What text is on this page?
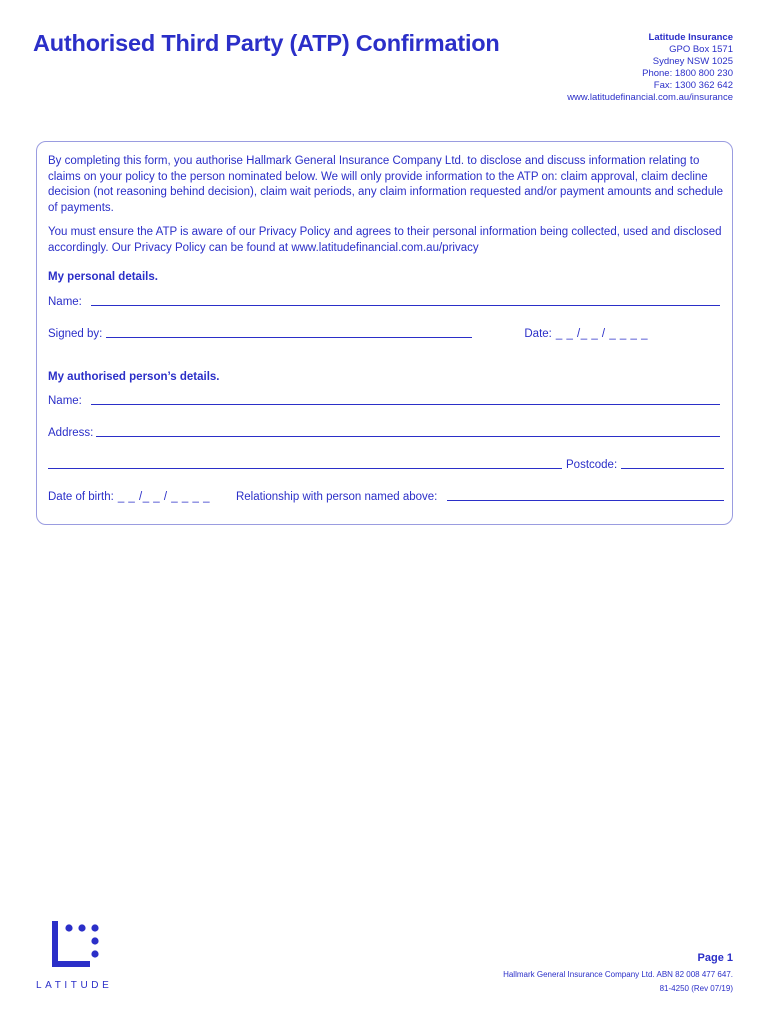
Authorised Third Party (ATP) Confirmation	Latitude Insurance
GPO Box 1571
Sydney NSW 1025
Phone: 1800 800 230
Fax: 1300 362 642
www.latitudefinancial.com.au/insurance

By completing this form, you authorise Hallmark General Insurance Company Ltd. to disclose and discuss information relating to claims on your policy to the person nominated below. We will only provide information to the ATP on: claim approval, claim decline decision (not reasoning behind decision), claim wait periods, any claim information requested and/or payment amounts and schedule of payments.

You must ensure the ATP is aware of our Privacy Policy and agrees to their personal information being collected, used and disclosed accordingly. Our Privacy Policy can be found at www.latitudefinancial.com.au/privacy

My personal details.
Name:
Signed by:	Date: _ _ /_ _ / _ _ _ _
My authorised person’s details.
Name:
Address:
Postcode:
Date of birth: _ _ /_ _ / _ _ _ _ Relationship with person named above:
LATITUDE
Page 1
Hallmark General Insurance Company Ltd. ABN 82 008 477 647.
81-4250 (Rev 07/19)
